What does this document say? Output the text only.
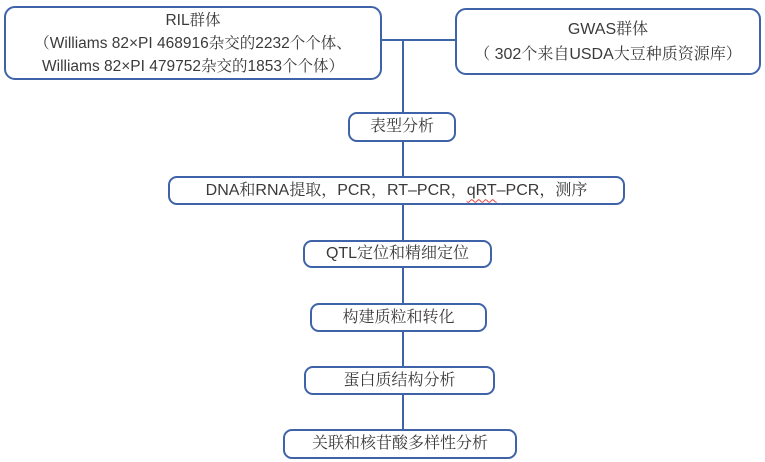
RIL群体
（Williams 82×PI 468916杂交的2232个个体、
Williams 82×PI 479752杂交的1853个个体）
GWAS群体
（ 302个来自USDA大豆种质资源库）
表型分析
DNA和RNA提取，PCR，RT–PCR， qRT –PCR，测序
QTL定位和精细定位
构建质粒和转化
蛋白质结构分析
关联和核苷酸多样性分析
